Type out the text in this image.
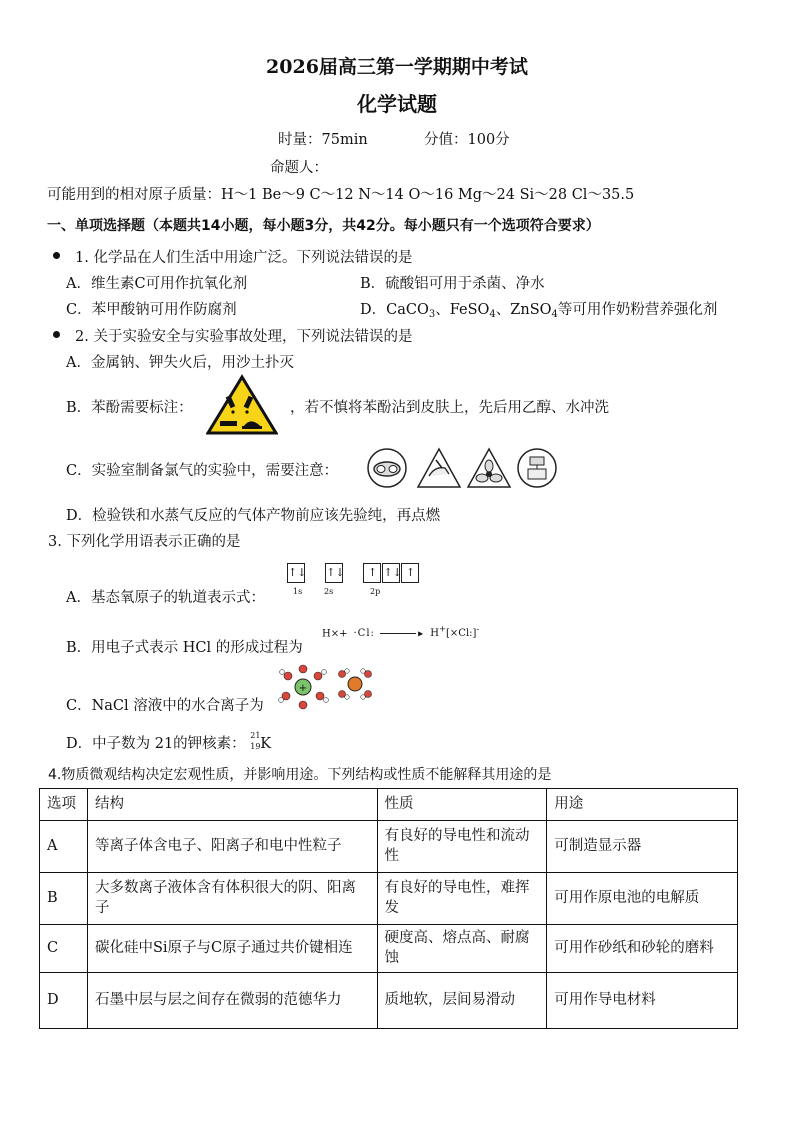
2026届高三第一学期期中考试
化学试题
时量：75min	分值：100分
命题人：
可能用到的相对原子质量：H～1 Be～9 C～12 N～14 O～16 Mg～24 Si～28 Cl～35.5
一、单项选择题（本题共14小题，每小题3分，共42分。每小题只有一个选项符合要求）
1. 化学品在人们生活中用途广泛。下列说法错误的是
A．维生素C可用作抗氧化剂	B．硫酸铝可用于杀菌、净水
C．苯甲酸钠可用作防腐剂	D．CaCO$_3$、FeSO$_4$、ZnSO$_4$等可用作奶粉营养强化剂
2. 关于实验安全与实验事故处理，下列说法错误的是
A．金属钠、钾失火后，用沙土扑灭
B．苯酚需要标注：	，若不慎将苯酚沾到皮肤上，先后用乙醇、水冲洗
C．实验室制备氯气的实验中，需要注意：
D．检验铁和水蒸气反应的气体产物前应该先验纯，再点燃
3. 下列化学用语表示正确的是
A．基态氧原子的轨道表示式：
↑↓ ↑↓ ↑ ↑↓ ↑
1s	2s	2p
B．用电子式表示 HCl 的形成过程为
H×+ ·Cl:	▸ H+[×Cl:]-
C．NaCl 溶液中的水合离子为
+
D．中子数为 21的钾核素：
21
19 K
4.物质微观结构决定宏观性质，并影响用途。下列结构或性质不能解释其用途的是
选项	结构	性质	用途
A	等离子体含电子、阳离子和电中性粒子	有良好的导电性和流动性	可制造显示器
B	大多数离子液体含有体积很大的阴、阳离子	有良好的导电性，难挥发	可用作原电池的电解质
C	碳化硅中Si原子与C原子通过共价键相连	硬度高、熔点高、耐腐蚀	可用作砂纸和砂轮的磨料
D	石墨中层与层之间存在微弱的范德华力	质地软，层间易滑动	可用作导电材料
